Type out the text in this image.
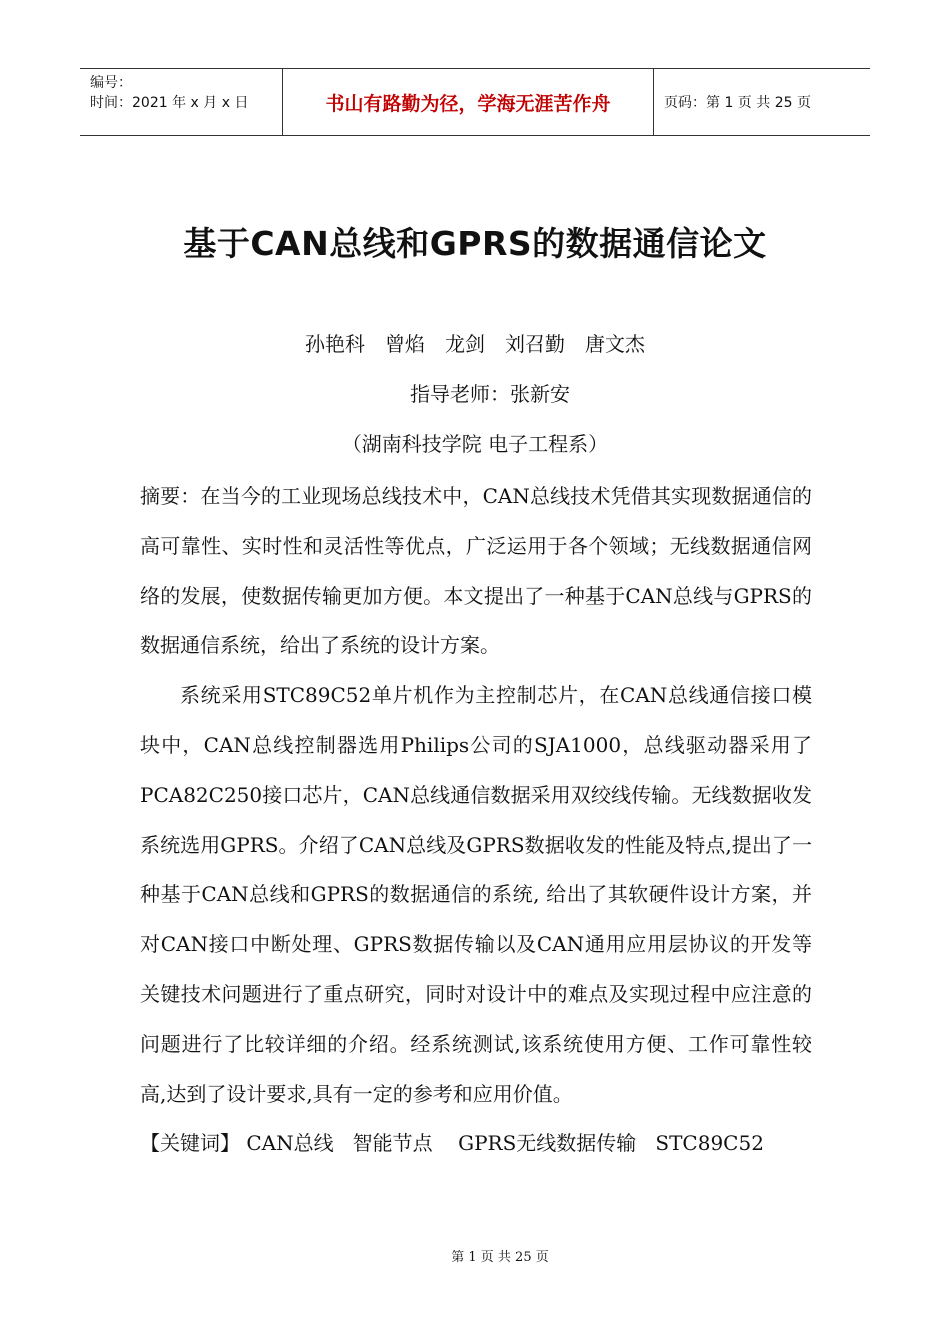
编号：
时间：2021 年 x 月 x 日	书山有路勤为径，学海无涯苦作舟	页码：第 1 页 共 25 页
基于CAN总线和GPRS的数据通信论文
孙艳科　曾焰　龙剑　刘召勤　唐文杰
指导老师：张新安
（湖南科技学院 电子工程系）

摘要：在当今的工业现场总线技术中，CAN总线技术凭借其实现数据通信的高可靠性、实时性和灵活性等优点，广泛运用于各个领域；无线数据通信网络的发展，使数据传输更加方便。本文提出了一种基于CAN总线与GPRS的数据通信系统，给出了系统的设计方案。

系统采用STC89C52单片机作为主控制芯片，在CAN总线通信接口模块中，CAN总线控制器选用Philips公司的SJA1000，总线驱动器采用了PCA82C250接口芯片，CAN总线通信数据采用双绞线传输。无线数据收发系统选用GPRS。介绍了CAN总线及GPRS数据收发的性能及特点,提出了一种基于CAN总线和GPRS的数据通信的系统, 给出了其软硬件设计方案，并对CAN接口中断处理、GPRS数据传输以及CAN通用应用层协议的开发等关键技术问题进行了重点研究，同时对设计中的难点及实现过程中应注意的问题进行了比较详细的介绍。经系统测试,该系统使用方便、工作可靠性较高,达到了设计要求,具有一定的参考和应用价值。

【关键词】 CAN总线   智能节点    GPRS无线数据传输   STC89C52

第 1 页 共 25 页
